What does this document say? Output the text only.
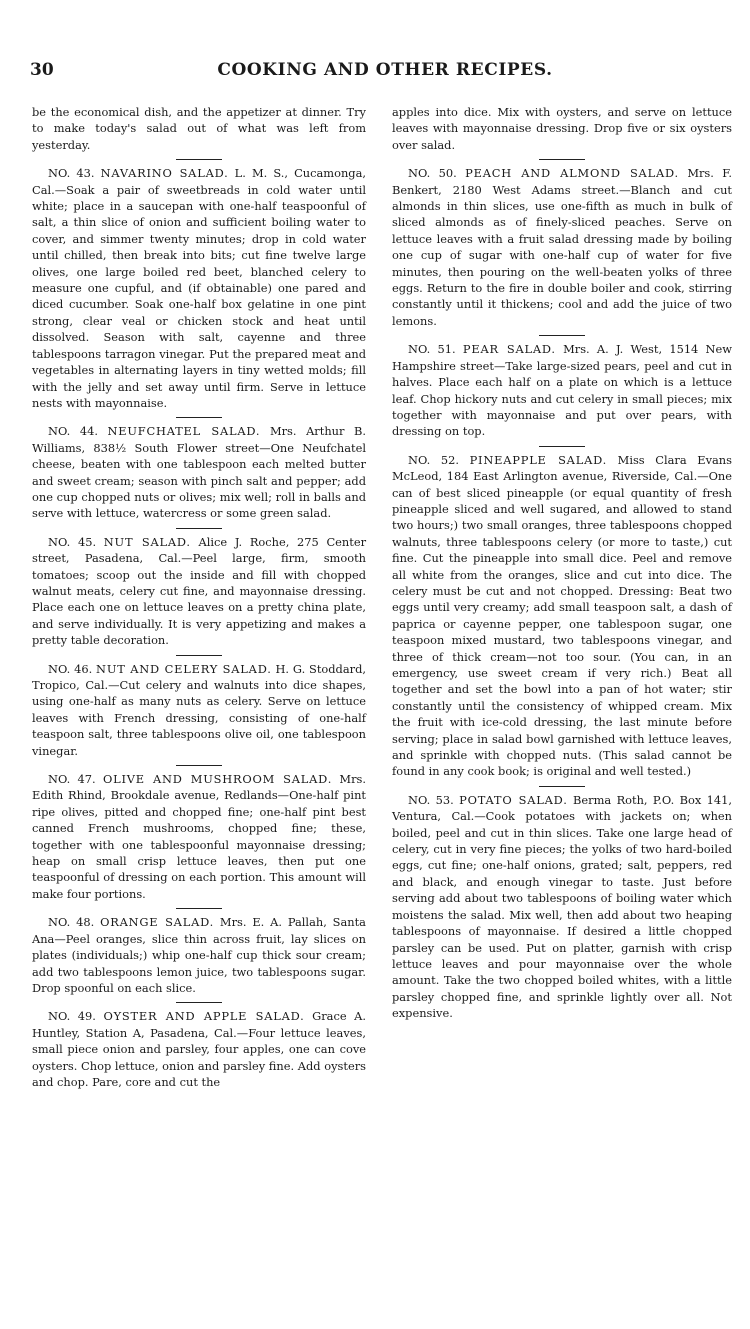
30	COOKING AND OTHER RECIPES.
be the economical dish, and the appetizer at dinner. Try to make today's salad out of what was left from yesterday.
NO. 43. NAVARINO SALAD. L. M. S., Cucamonga, Cal.—Soak a pair of sweetbreads in cold water until white; place in a saucepan with one-half teaspoonful of salt, a thin slice of onion and sufficient boiling water to cover, and simmer twenty minutes; drop in cold water until chilled, then break into bits; cut fine twelve large olives, one large boiled red beet, blanched celery to measure one cupful, and (if obtainable) one pared and diced cucumber. Soak one-half box gelatine in one pint strong, clear veal or chicken stock and heat until dissolved. Season with salt, cayenne and three tablespoons tarragon vinegar. Put the prepared meat and vegetables in alternating layers in tiny wetted molds; fill with the jelly and set away until firm. Serve in lettuce nests with mayonnaise.
NO. 44. NEUFCHATEL SALAD. Mrs. Arthur B. Williams, 838½ South Flower street—One Neufchatel cheese, beaten with one tablespoon each melted butter and sweet cream; season with pinch salt and pepper; add one cup chopped nuts or olives; mix well; roll in balls and serve with lettuce, watercress or some green salad.
NO. 45. NUT SALAD. Alice J. Roche, 275 Center street, Pasadena, Cal.—Peel large, firm, smooth tomatoes; scoop out the inside and fill with chopped walnut meats, celery cut fine, and mayonnaise dressing. Place each one on lettuce leaves on a pretty china plate, and serve individually. It is very appetizing and makes a pretty table decoration.
NO. 46. NUT AND CELERY SALAD. H. G. Stoddard, Tropico, Cal.—Cut celery and walnuts into dice shapes, using one-half as many nuts as celery. Serve on lettuce leaves with French dressing, consisting of one-half teaspoon salt, three tablespoons olive oil, one tablespoon vinegar.
NO. 47. OLIVE AND MUSHROOM SALAD. Mrs. Edith Rhind, Brookdale avenue, Redlands—One-half pint ripe olives, pitted and chopped fine; one-half pint best canned French mushrooms, chopped fine; these, together with one tablespoonful mayonnaise dressing; heap on small crisp lettuce leaves, then put one teaspoonful of dressing on each portion. This amount will make four portions.
NO. 48. ORANGE SALAD. Mrs. E. A. Pallah, Santa Ana—Peel oranges, slice thin across fruit, lay slices on plates (individuals;) whip one-half cup thick sour cream; add two tablespoons lemon juice, two tablespoons sugar. Drop spoonful on each slice.
NO. 49. OYSTER AND APPLE SALAD. Grace A. Huntley, Station A, Pasadena, Cal.—Four lettuce leaves, small piece onion and parsley, four apples, one can cove oysters. Chop lettuce, onion and parsley fine. Add oysters and chop. Pare, core and cut the
apples into dice. Mix with oysters, and serve on lettuce leaves with mayonnaise dressing. Drop five or six oysters over salad.
NO. 50. PEACH AND ALMOND SALAD. Mrs. F. Benkert, 2180 West Adams street.—Blanch and cut almonds in thin slices, use one-fifth as much in bulk of sliced almonds as of finely-sliced peaches. Serve on lettuce leaves with a fruit salad dressing made by boiling one cup of sugar with one-half cup of water for five minutes, then pouring on the well-beaten yolks of three eggs. Return to the fire in double boiler and cook, stirring constantly until it thickens; cool and add the juice of two lemons.
NO. 51. PEAR SALAD. Mrs. A. J. West, 1514 New Hampshire street—Take large-sized pears, peel and cut in halves. Place each half on a plate on which is a lettuce leaf. Chop hickory nuts and cut celery in small pieces; mix together with mayonnaise and put over pears, with dressing on top.
NO. 52. PINEAPPLE SALAD. Miss Clara Evans McLeod, 184 East Arlington avenue, Riverside, Cal.—One can of best sliced pineapple (or equal quantity of fresh pineapple sliced and well sugared, and allowed to stand two hours;) two small oranges, three tablespoons chopped walnuts, three tablespoons celery (or more to taste,) cut fine. Cut the pineapple into small dice. Peel and remove all white from the oranges, slice and cut into dice. The celery must be cut and not chopped. Dressing: Beat two eggs until very creamy; add small teaspoon salt, a dash of paprica or cayenne pepper, one tablespoon sugar, one teaspoon mixed mustard, two tablespoons vinegar, and three of thick cream—not too sour. (You can, in an emergency, use sweet cream if very rich.) Beat all together and set the bowl into a pan of hot water; stir constantly until the consistency of whipped cream. Mix the fruit with ice-cold dressing, the last minute before serving; place in salad bowl garnished with lettuce leaves, and sprinkle with chopped nuts. (This salad cannot be found in any cook book; is original and well tested.)
NO. 53. POTATO SALAD. Berma Roth, P.O. Box 141, Ventura, Cal.—Cook potatoes with jackets on; when boiled, peel and cut in thin slices. Take one large head of celery, cut in very fine pieces; the yolks of two hard-boiled eggs, cut fine; one-half onions, grated; salt, peppers, red and black, and enough vinegar to taste. Just before serving add about two tablespoons of boiling water which moistens the salad. Mix well, then add about two heaping tablespoons of mayonnaise. If desired a little chopped parsley can be used. Put on platter, garnish with crisp lettuce leaves and pour mayonnaise over the whole amount. Take the two chopped boiled whites, with a little parsley chopped fine, and sprinkle lightly over all. Not expensive.
